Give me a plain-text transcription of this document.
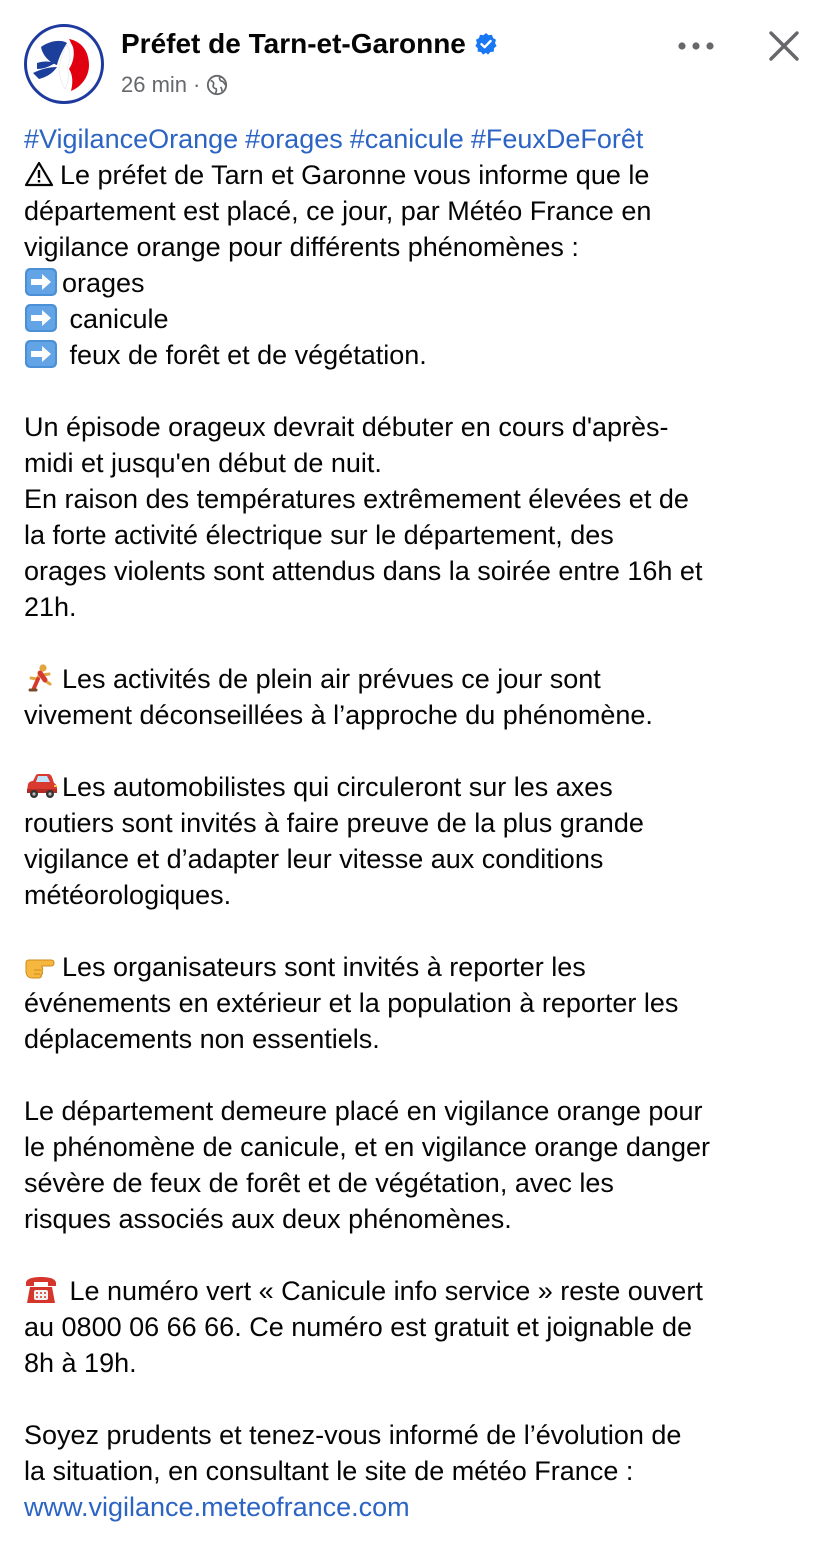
Préfet de Tarn-et-Garonne
26 min ·
#VigilanceOrange #orages #canicule #FeuxDeForêt
Le préfet de Tarn et Garonne vous informe que le
département est placé, ce jour, par Météo France en
vigilance orange pour différents phénomènes :
orages
canicule
feux de forêt et de végétation.
Un épisode orageux devrait débuter en cours d'après-
midi et jusqu'en début de nuit.
En raison des températures extrêmement élevées et de
la forte activité électrique sur le département, des
orages violents sont attendus dans la soirée entre 16h et
21h.
Les activités de plein air prévues ce jour sont
vivement déconseillées à l’approche du phénomène.
Les automobilistes qui circuleront sur les axes
routiers sont invités à faire preuve de la plus grande
vigilance et d’adapter leur vitesse aux conditions
météorologiques.
Les organisateurs sont invités à reporter les
événements en extérieur et la population à reporter les
déplacements non essentiels.
Le département demeure placé en vigilance orange pour
le phénomène de canicule, et en vigilance orange danger
sévère de feux de forêt et de végétation, avec les
risques associés aux deux phénomènes.
Le numéro vert « Canicule info service » reste ouvert
au 0800 06 66 66. Ce numéro est gratuit et joignable de
8h à 19h.
Soyez prudents et tenez-vous informé de l’évolution de
la situation, en consultant le site de météo France :
www.vigilance.meteofrance.com
